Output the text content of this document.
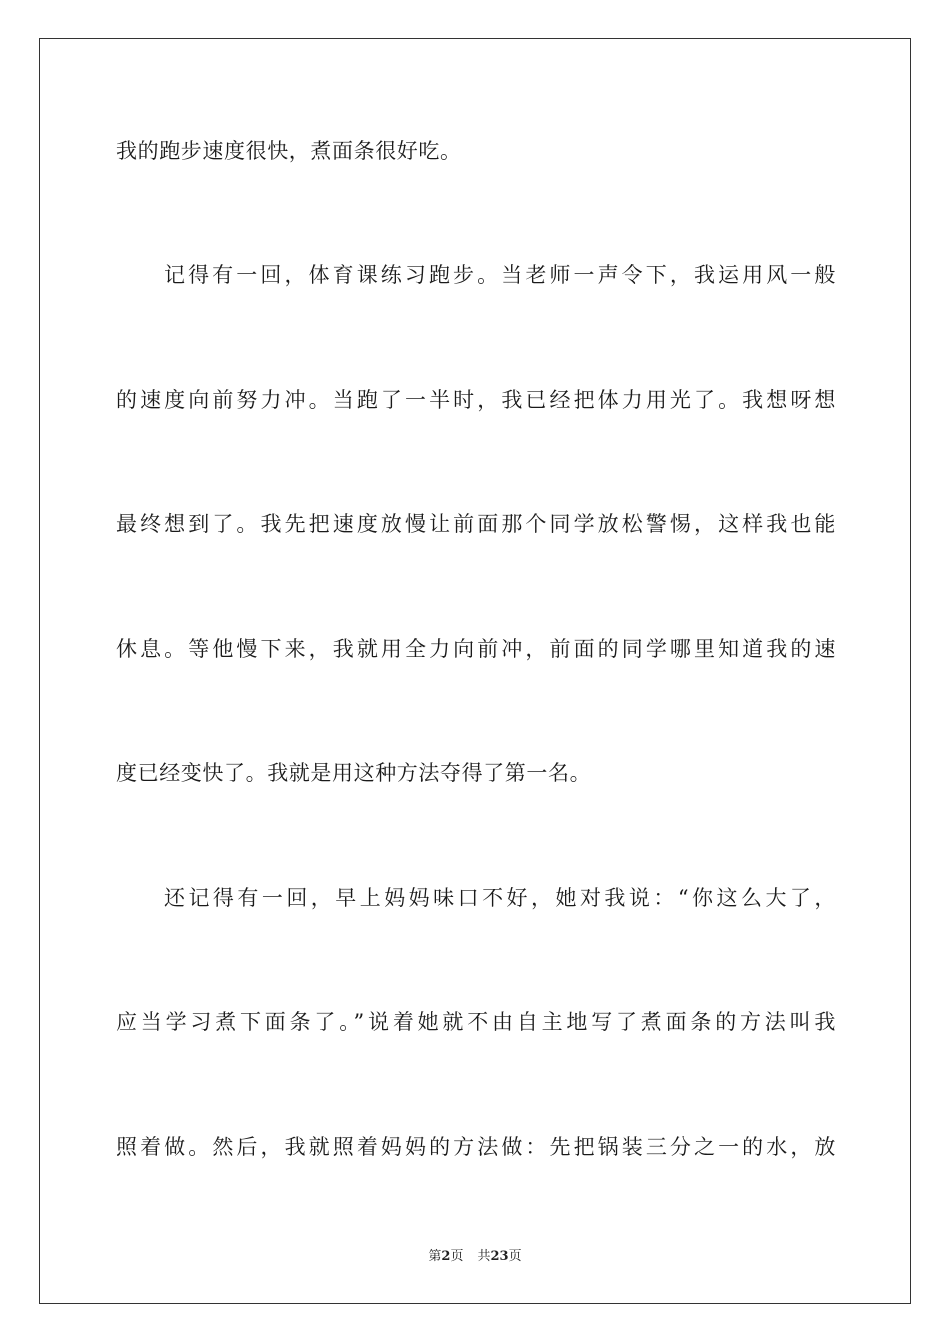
我的跑步速度很快，煮面条很好吃。
记得有一回，体育课练习跑步。当老师一声令下，我运用风一般
的速度向前努力冲。当跑了一半时，我已经把体力用光了。我想呀想
最终想到了。我先把速度放慢让前面那个同学放松警惕，这样我也能
休息。等他慢下来，我就用全力向前冲，前面的同学哪里知道我的速
度已经变快了。我就是用这种方法夺得了第一名。
还记得有一回，早上妈妈味口不好，她对我说：“你这么大了，
应当学习煮下面条了。”说着她就不由自主地写了煮面条的方法叫我
照着做。然后，我就照着妈妈的方法做：先把锅装三分之一的水，放
第2页 共23页
